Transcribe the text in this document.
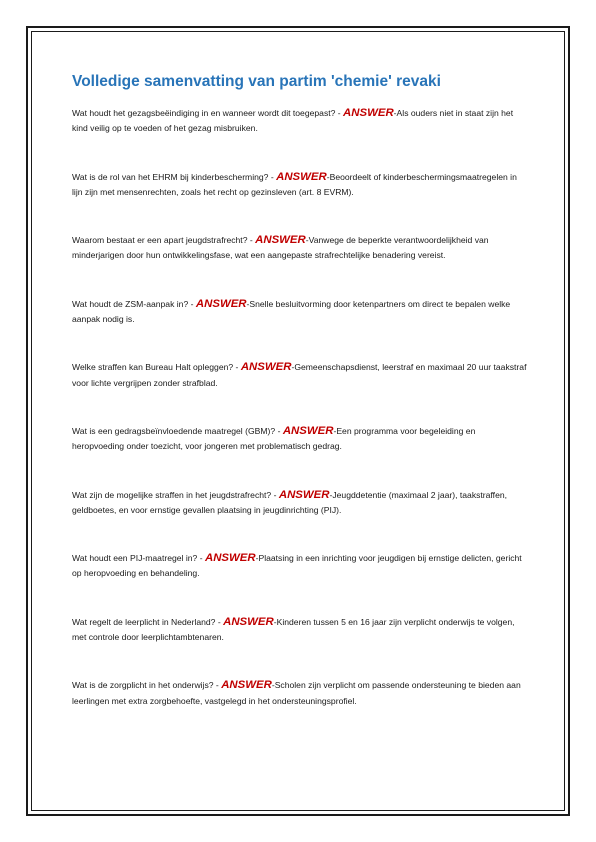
Volledige samenvatting van partim 'chemie' revaki

Wat houdt het gezagsbeëindiging in en wanneer wordt dit toegepast? - ANSWER-Als ouders niet in staat zijn het kind veilig op te voeden of het gezag misbruiken.

Wat is de rol van het EHRM bij kinderbescherming? - ANSWER-Beoordeelt of kinderbeschermingsmaatregelen in lijn zijn met mensenrechten, zoals het recht op gezinsleven (art. 8 EVRM).

Waarom bestaat er een apart jeugdstrafrecht? - ANSWER-Vanwege de beperkte verantwoordelijkheid van minderjarigen door hun ontwikkelingsfase, wat een aangepaste strafrechtelijke benadering vereist.

Wat houdt de ZSM-aanpak in? - ANSWER-Snelle besluitvorming door ketenpartners om direct te bepalen welke aanpak nodig is.

Welke straffen kan Bureau Halt opleggen? - ANSWER-Gemeenschapsdienst, leerstraf en maximaal 20 uur taakstraf voor lichte vergrijpen zonder strafblad.

Wat is een gedragsbeïnvloedende maatregel (GBM)? - ANSWER-Een programma voor begeleiding en heropvoeding onder toezicht, voor jongeren met problematisch gedrag.

Wat zijn de mogelijke straffen in het jeugdstrafrecht? - ANSWER-Jeugddetentie (maximaal 2 jaar), taakstraffen, geldboetes, en voor ernstige gevallen plaatsing in jeugdinrichting (PIJ).

Wat houdt een PIJ-maatregel in? - ANSWER-Plaatsing in een inrichting voor jeugdigen bij ernstige delicten, gericht op heropvoeding en behandeling.

Wat regelt de leerplicht in Nederland? - ANSWER-Kinderen tussen 5 en 16 jaar zijn verplicht onderwijs te volgen, met controle door leerplichtambtenaren.

Wat is de zorgplicht in het onderwijs? - ANSWER-Scholen zijn verplicht om passende ondersteuning te bieden aan leerlingen met extra zorgbehoefte, vastgelegd in het ondersteuningsprofiel.
